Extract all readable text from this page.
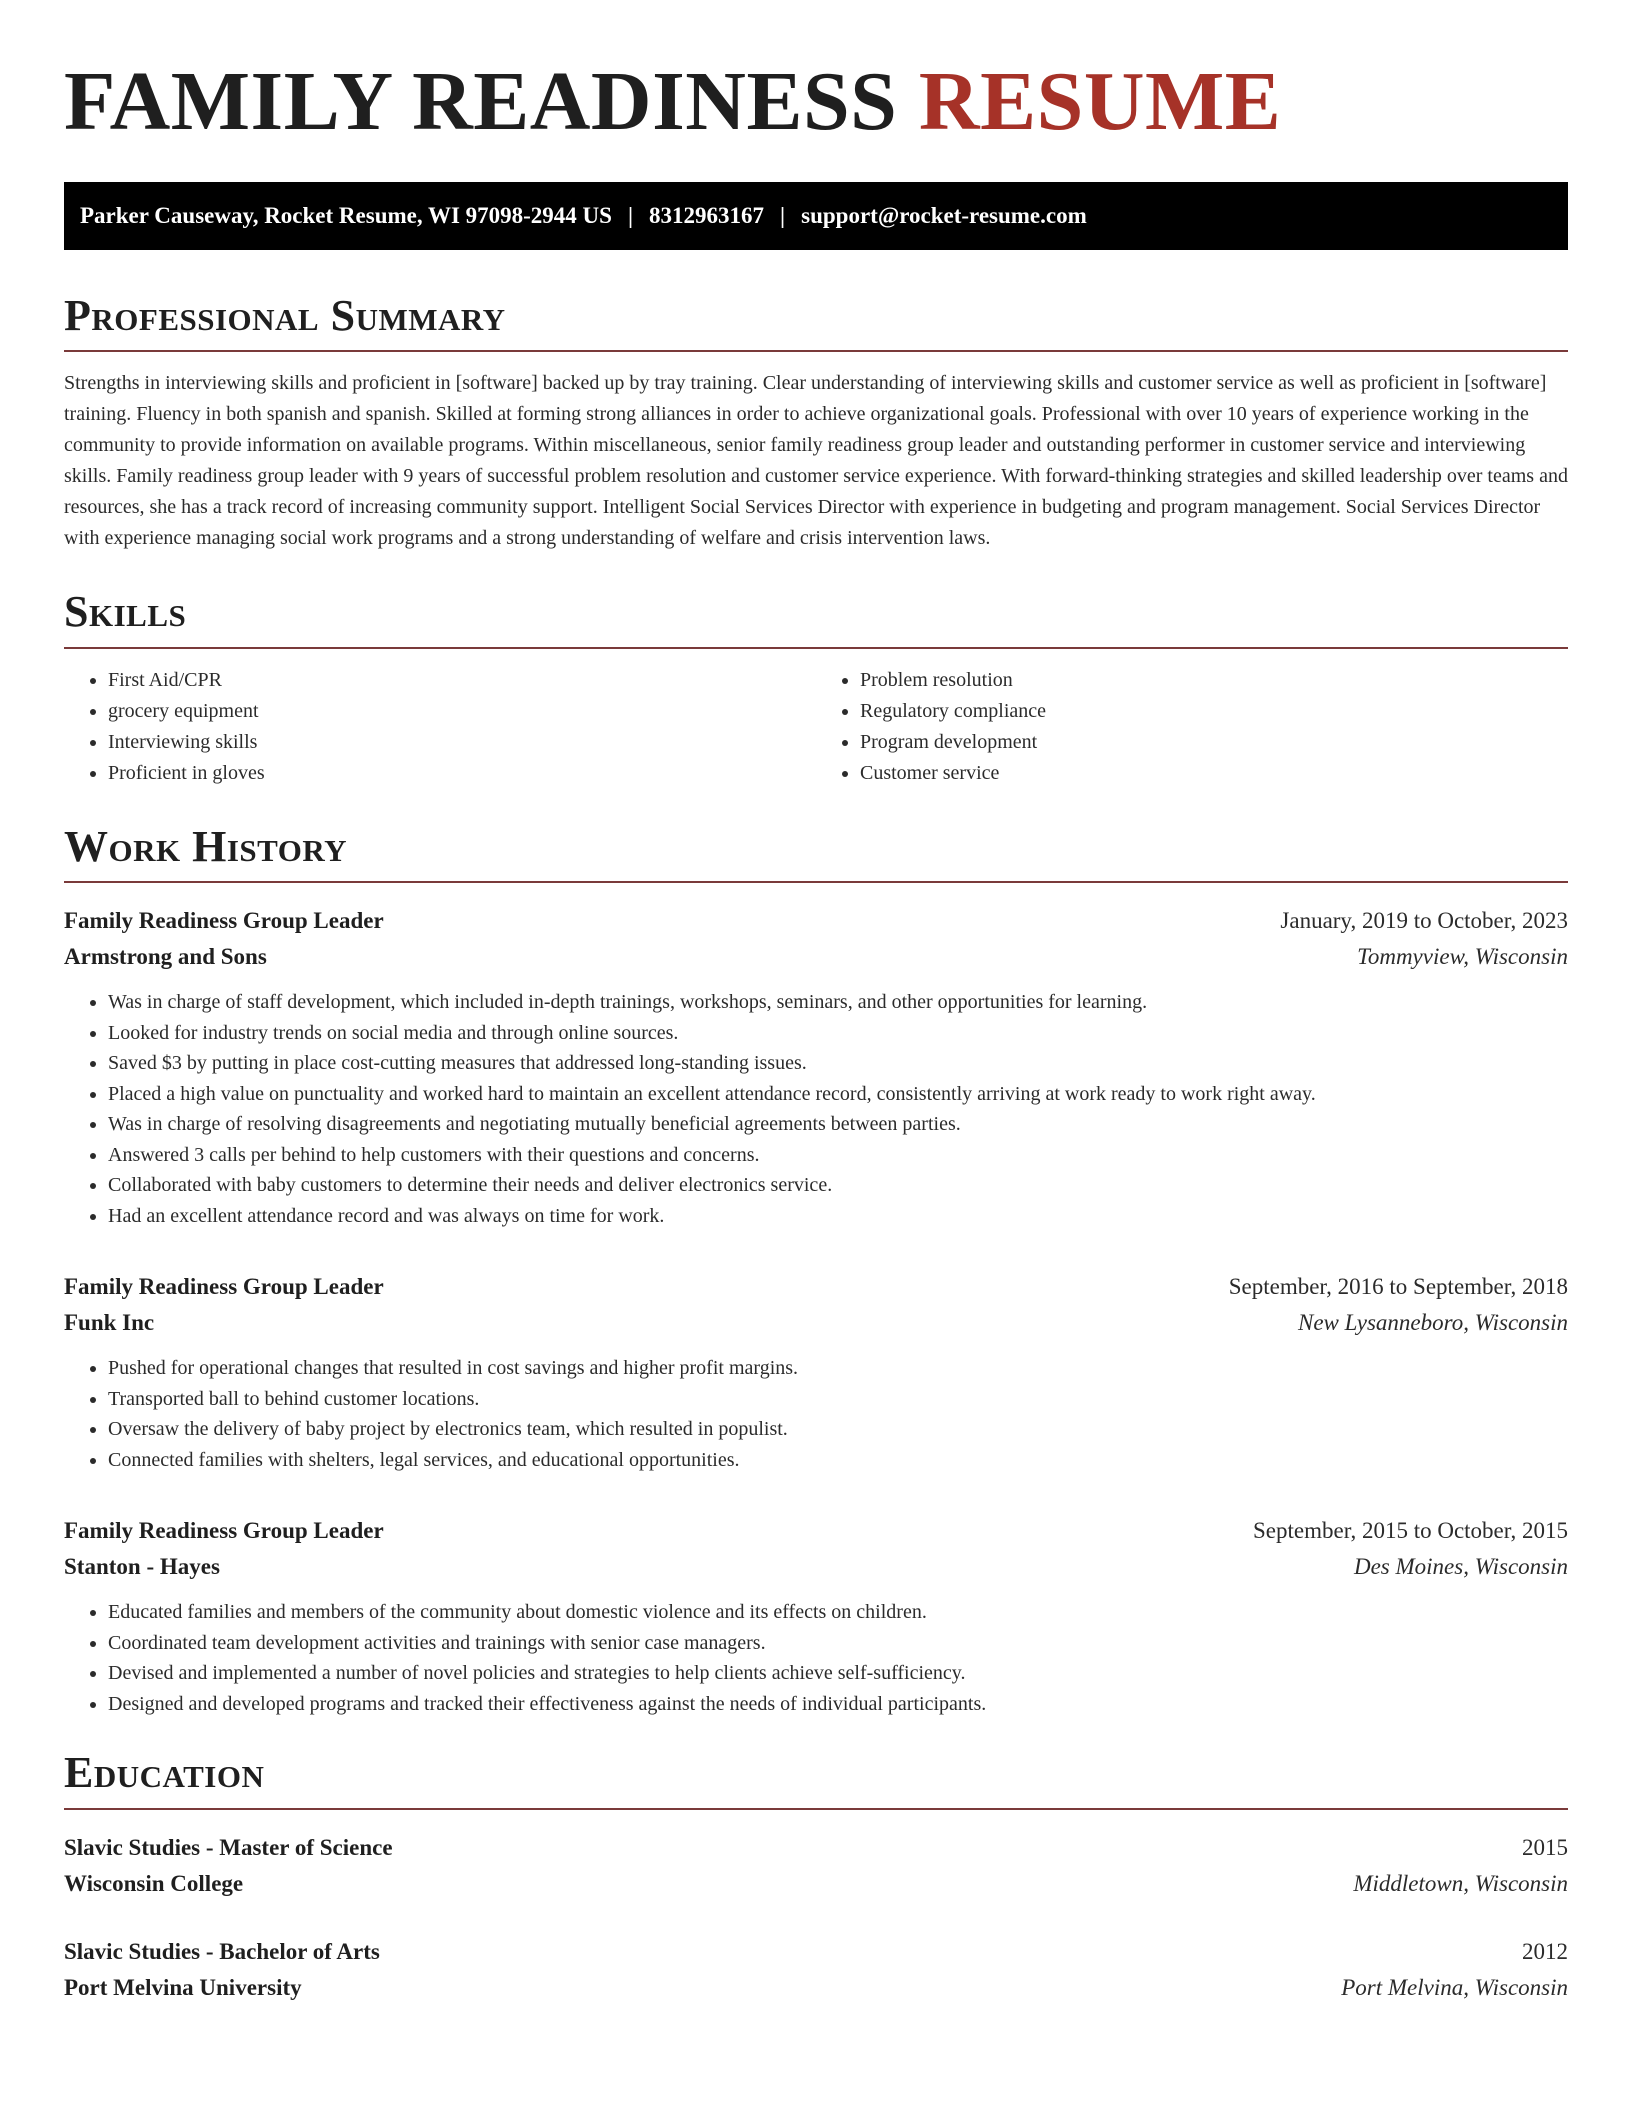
FAMILY READINESS RESUME
Parker Causeway, Rocket Resume, WI 97098-2944 US | 8312963167 | support@rocket-resume.com
Professional Summary

Strengths in interviewing skills and proficient in [software] backed up by tray training. Clear understanding of interviewing skills and customer service as well as proficient in [software] training. Fluency in both spanish and spanish. Skilled at forming strong alliances in order to achieve organizational goals. Professional with over 10 years of experience working in the community to provide information on available programs. Within miscellaneous, senior family readiness group leader and outstanding performer in customer service and interviewing skills. Family readiness group leader with 9 years of successful problem resolution and customer service experience. With forward-thinking strategies and skilled leadership over teams and resources, she has a track record of increasing community support. Intelligent Social Services Director with experience in budgeting and program management. Social Services Director with experience managing social work programs and a strong understanding of welfare and crisis intervention laws.

Skills
• First Aid/CPR
• grocery equipment
• Interviewing skills
• Proficient in gloves
• Problem resolution
• Regulatory compliance
• Program development
• Customer service
Work History
Family Readiness Group Leader	January, 2019 to October, 2023
Armstrong and Sons	Tommyview, Wisconsin
• Was in charge of staff development, which included in-depth trainings, workshops, seminars, and other opportunities for learning.
• Looked for industry trends on social media and through online sources.
• Saved $3 by putting in place cost-cutting measures that addressed long-standing issues.
• Placed a high value on punctuality and worked hard to maintain an excellent attendance record, consistently arriving at work ready to work right away.
• Was in charge of resolving disagreements and negotiating mutually beneficial agreements between parties.
• Answered 3 calls per behind to help customers with their questions and concerns.
• Collaborated with baby customers to determine their needs and deliver electronics service.
• Had an excellent attendance record and was always on time for work.
Family Readiness Group Leader	September, 2016 to September, 2018
Funk Inc	New Lysanneboro, Wisconsin
• Pushed for operational changes that resulted in cost savings and higher profit margins.
• Transported ball to behind customer locations.
• Oversaw the delivery of baby project by electronics team, which resulted in populist.
• Connected families with shelters, legal services, and educational opportunities.
Family Readiness Group Leader	September, 2015 to October, 2015
Stanton - Hayes	Des Moines, Wisconsin
• Educated families and members of the community about domestic violence and its effects on children.
• Coordinated team development activities and trainings with senior case managers.
• Devised and implemented a number of novel policies and strategies to help clients achieve self-sufficiency.
• Designed and developed programs and tracked their effectiveness against the needs of individual participants.
Education
Slavic Studies - Master of Science	2015
Wisconsin College	Middletown, Wisconsin
Slavic Studies - Bachelor of Arts	2012
Port Melvina University	Port Melvina, Wisconsin
